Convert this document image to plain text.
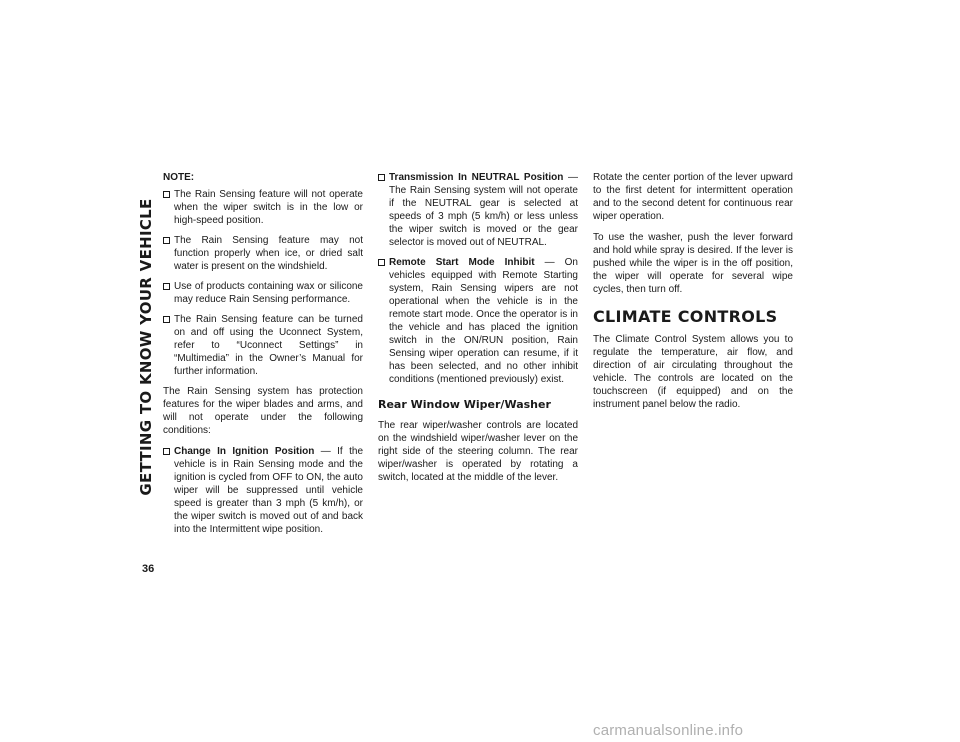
GETTING TO KNOW YOUR VEHICLE
36
NOTE:
The Rain Sensing feature will not operate when the wiper switch is in the low or high-speed position.
The Rain Sensing feature may not function properly when ice, or dried salt water is present on the windshield.
Use of products containing wax or silicone may reduce Rain Sensing performance.
The Rain Sensing feature can be turned on and off using the Uconnect System, refer to “Uconnect Settings” in “Multimedia” in the Owner’s Manual for further information.

The Rain Sensing system has protection features for the wiper blades and arms, and will not operate under the following conditions:

Change In Ignition Position — If the vehicle is in Rain Sensing mode and the ignition is cycled from OFF to ON, the auto wiper will be suppressed until vehicle speed is greater than 3 mph (5 km/h), or the wiper switch is moved out of and back into the Intermittent wipe position.
Transmission In NEUTRAL Position — The Rain Sensing system will not operate if the NEUTRAL gear is selected at speeds of 3 mph (5 km/h) or less unless the wiper switch is moved or the gear selector is moved out of NEUTRAL.
Remote Start Mode Inhibit — On vehicles equipped with Remote Starting system, Rain Sensing wipers are not operational when the vehicle is in the remote start mode. Once the operator is in the vehicle and has placed the ignition switch in the ON/RUN position, Rain Sensing wiper operation can resume, if it has been selected, and no other inhibit conditions (mentioned previously) exist.
Rear Window Wiper/Washer

The rear wiper/washer controls are located on the windshield wiper/washer lever on the right side of the steering column. The rear wiper/washer is operated by rotating a switch, located at the middle of the lever.

Rotate the center portion of the lever upward to the first detent for intermittent operation and to the second detent for continuous rear wiper operation.

To use the washer, push the lever forward and hold while spray is desired. If the lever is pushed while the wiper is in the off position, the wiper will operate for several wipe cycles, then turn off.

CLIMATE CONTROLS

The Climate Control System allows you to regulate the temperature, air flow, and direction of air circulating throughout the vehicle. The controls are located on the touchscreen (if equipped) and on the instrument panel below the radio.

carmanualsonline.info
